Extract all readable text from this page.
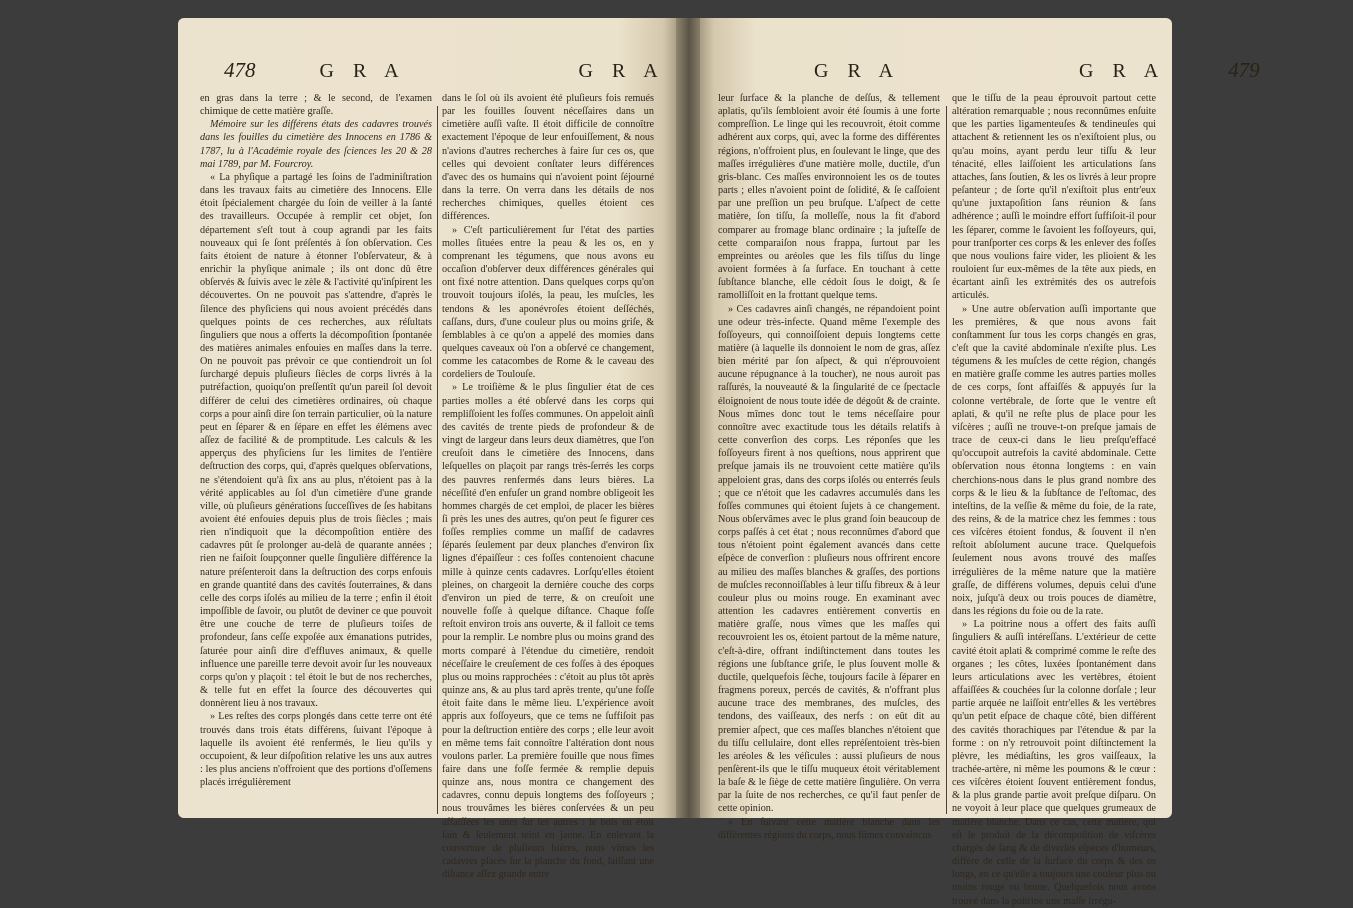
478	G R A	G R A

en gras dans la terre ; & le second, de l'examen chimique de cette matière graſſe.

Mémoire sur les différens états des cadavres trouvés dans les fouilles du cimetière des Innocens en 1786 & 1787, lu à l'Académie royale des ſciences les 20 & 28 mai 1789, par M. Fourcroy.

« La phyſique a partagé les ſoins de l'adminiſtration dans les travaux faits au cimetière des Innocens. Elle étoit ſpécialement chargée du ſoin de veiller à la ſanté des travailleurs. Occupée à remplir cet objet, ſon département s'eſt tout à coup agrandi par les faits nouveaux qui ſe ſont préſentés à ſon obſervation. Ces faits étoient de nature à étonner l'obſervateur, & à enrichir la phyſique animale ; ils ont donc dû être obſervés & ſuivis avec le zèle & l'activité qu'inſpirent les découvertes. On ne pouvoit pas s'attendre, d'après le ſilence des phyſiciens qui nous avoient précédés dans quelques points de ces recherches, aux réſultats ſinguliers que nous a offerts la décompoſition ſpontanée des matières animales enfouies en maſſes dans la terre. On ne pouvoit pas prévoir ce que contiendroit un ſol ſurchargé depuis pluſieurs ſiècles de corps livrés à la putréfaction, quoiqu'on preſſentît qu'un pareil ſol devoit différer de celui des cimetières ordinaires, où chaque corps a pour ainſi dire ſon terrain particulier, où la nature peut en ſéparer & en ſépare en effet les élémens avec aſſez de facilité & de promptitude. Les calculs & les apperçus des phyſiciens ſur les limites de l'entière deſtruction des corps, qui, d'après quelques obſervations, ne s'étendoient qu'à ſix ans au plus, n'étoient pas à la vérité applicables au ſol d'un cimetière d'une grande ville, où pluſieurs générations ſucceſſives de ſes habitans avoient été enfouies depuis plus de trois ſiècles ; mais rien n'indiquoit que la décompoſition entière des cadavres pût ſe prolonger au-delà de quarante années ; rien ne faiſoit ſoupçonner quelle ſingulière différence la nature préſenteroit dans la deſtruction des corps enfouis en grande quantité dans des cavités ſouterraines, & dans celle des corps iſolés au milieu de la terre ; enfin il étoit impoſſible de ſavoir, ou plutôt de deviner ce que pouvoit être une couche de terre de pluſieurs toiſes de profondeur, ſans ceſſe expoſée aux émanations putrides, ſaturée pour ainſi dire d'effluves animaux, & quelle influence une pareille terre devoit avoir ſur les nouveaux corps qu'on y plaçoit : tel étoit le but de nos recherches, & telle fut en effet la ſource des découvertes qui donnèrent lieu à nos travaux.

» Les reſtes des corps plongés dans cette terre ont été trouvés dans trois états différens, ſuivant l'époque à laquelle ils avoient été renfermés, le lieu qu'ils y occupoient, & leur diſpoſition relative les uns aux autres : les plus anciens n'offroient que des portions d'oſſemens placés irrégulièrement

dans le ſol où ils avoient été pluſieurs fois remués par les fouilles ſouvent néceſſaires dans un cimetière auſſi vaſte. Il étoit difficile de connoître exactement l'époque de leur enfouiſſement, & nous n'avions d'autres recherches à faire ſur ces os, que celles qui devoient conſtater leurs différences d'avec des os humains qui n'avoient point ſéjourné dans la terre. On verra dans les détails de nos recherches chimiques, quelles étoient ces différences.

» C'eſt particulièrement ſur l'état des parties molles ſituées entre la peau & les os, en y comprenant les tégumens, que nous avons eu occaſion d'obſerver deux différences générales qui ont fixé notre attention. Dans quelques corps qu'on trouvoit toujours iſolés, la peau, les muſcles, les tendons & les aponévroſes étoient deſſéchés, caſſans, durs, d'une couleur plus ou moins griſe, & ſemblables à ce qu'on a appelé des momies dans quelques caveaux où l'on a obſervé ce changement, comme les catacombes de Rome & le caveau des cordeliers de Toulouſe.

» Le troiſième & le plus ſingulier état de ces parties molles a été obſervé dans les corps qui rempliſſoient les foſſes communes. On appeloit ainſi des cavités de trente pieds de profondeur & de vingt de largeur dans leurs deux diamètres, que l'on creuſoit dans le cimetière des Innocens, dans leſquelles on plaçoit par rangs très-ſerrés les corps des pauvres renfermés dans leurs bières. La néceſſité d'en enfuſer un grand nombre obligeoit les hommes chargés de cet emploi, de placer les bières ſi près les unes des autres, qu'on peut ſe figurer ces foſſes remplies comme un maſſif de cadavres ſéparés ſeulement par deux planches d'environ ſix lignes d'épaiſſeur : ces foſſes contenoient chacune mille à quinze cents cadavres. Lorſqu'elles étoient pleines, on chargeoit la dernière couche des corps d'environ un pied de terre, & on creuſoit une nouvelle foſſe à quelque diſtance. Chaque foſſe reſtoit environ trois ans ouverte, & il falloit ce tems pour la remplir. Le nombre plus ou moins grand des morts comparé à l'étendue du cimetière, rendoit néceſſaire le creuſement de ces foſſes à des époques plus ou moins rapprochées : c'étoit au plus tôt après quinze ans, & au plus tard après trente, qu'une foſſe étoit faite dans le même lieu. L'expérience avoit appris aux foſſoyeurs, que ce tems ne ſuffiſoit pas pour la deſtruction entière des corps ; elle leur avoit en même tems fait connoître l'altération dont nous voulons parler. La première fouille que nous fîmes faire dans une foſſe fermée & remplie depuis quinze ans, nous montra ce changement des cadavres, connu depuis longtems des foſſoyeurs ; nous trouvâmes les bières conſervées & un peu affaiſſées les unes ſur les autres : le bois en étoit ſain & ſeulement teint en jaune. En enlevant la couverture de pluſieurs bières, nous vîmes les cadavres placés ſur la planche du fond, laiſſant une diſtance aſſez grande entre

G R A	G R A	479

leur ſurface & la planche de deſſus, & tellement aplatis, qu'ils ſembloient avoir été ſoumis à une forte compreſſion. Le linge qui les recouvroit, étoit comme adhérent aux corps, qui, avec la forme des différentes régions, n'offroient plus, en ſoulevant le linge, que des maſſes irrégulières d'une matière molle, ductile, d'un gris-blanc. Ces maſſes environnoient les os de toutes parts ; elles n'avoient point de ſolidité, & ſe caſſoient par une preſſion un peu bruſque. L'aſpect de cette matière, ſon tiſſu, ſa molleſſe, nous la fit d'abord comparer au fromage blanc ordinaire ; la juſteſſe de cette comparaiſon nous frappa, ſurtout par les empreintes ou aréoles que les fils tiſſus du linge avoient formées à ſa ſurface. En touchant à cette ſubſtance blanche, elle cédoit ſous le doigt, & ſe ramolliſſoit en la frottant quelque tems.

» Ces cadavres ainſi changés, ne répandoient point une odeur très-infecte. Quand même l'exemple des foſſoyeurs, qui connoiſſoient depuis longtems cette matière (à laquelle ils donnoient le nom de gras, aſſez bien mérité par ſon aſpect, & qui n'éprouvoient aucune répugnance à la toucher), ne nous auroit pas raſſurés, la nouveauté & la ſingularité de ce ſpectacle éloignoient de nous toute idée de dégoût & de crainte. Nous mîmes donc tout le tems néceſſaire pour connoître avec exactitude tous les détails relatifs à cette converſion des corps. Les réponſes que les foſſoyeurs firent à nos queſtions, nous apprirent que preſque jamais ils ne trouvoient cette matière qu'ils appeloient gras, dans des corps iſolés ou enterrés ſeuls ; que ce n'étoit que les cadavres accumulés dans les foſſes communes qui étoient ſujets à ce changement. Nous obſervâmes avec le plus grand ſoin beaucoup de corps paſſés à cet état ; nous reconnûmes d'abord que tous n'étoient point également avancés dans cette eſpèce de converſion : pluſieurs nous offrirent encore au milieu des maſſes blanches & graſſes, des portions de muſcles reconnoiſſables à leur tiſſu fibreux & à leur couleur plus ou moins rouge. En examinant avec attention les cadavres entièrement convertis en matière graſſe, nous vîmes que les maſſes qui recouvroient les os, étoient partout de la même nature, c'eſt-à-dire, offrant indiſtinctement dans toutes les régions une ſubſtance griſe, le plus ſouvent molle & ductile, quelquefois ſèche, toujours facile à ſéparer en fragmens poreux, percés de cavités, & n'offrant plus aucune trace des membranes, des muſcles, des tendons, des vaiſſeaux, des nerfs : on eût dit au premier aſpect, que ces maſſes blanches n'étoient que du tiſſu cellulaire, dont elles repréſentoient très-bien les aréoles & les véſicules : aussi pluſieurs de nous penſèrent-ils que le tiſſu muqueux étoit véritablement la baſe & le ſiège de cette matière ſingulière. On verra par la ſuite de nos recherches, ce qu'il faut penſer de cette opinion.

» En ſuivant cette matière blanche dans les différentes régions du corps, nous fûmes convaincus

que le tiſſu de la peau éprouvoit partout cette altération remarquable ; nous reconnûmes enſuite que les parties ligamenteuſes & tendineuſes qui attachent & retiennent les os n'exiſtoient plus, ou qu'au moins, ayant perdu leur tiſſu & leur ténacité, elles laiſſoient les articulations ſans attaches, ſans ſoutien, & les os livrés à leur propre peſanteur ; de ſorte qu'il n'exiſtoit plus entr'eux qu'une juxtapoſition ſans réunion & ſans adhérence ; auſſi le moindre effort ſuffiſoit-il pour les ſéparer, comme le ſavoient les foſſoyeurs, qui, pour tranſporter ces corps & les enlever des foſſes que nous voulions faire vider, les plioient & les rouloient ſur eux-mêmes de la tête aux pieds, en écartant ainſi les extrémités des os autrefois articulés.

» Une autre obſervation auſſi importante que les premières, & que nous avons fait conſtamment ſur tous les corps changés en gras, c'eſt que la cavité abdominale n'exiſte plus. Les tégumens & les muſcles de cette région, changés en matière graſſe comme les autres parties molles de ces corps, ſont affaiſſés & appuyés ſur la colonne vertébrale, de ſorte que le ventre eſt aplati, & qu'il ne reſte plus de place pour les viſcères ; auſſi ne trouve-t-on preſque jamais de trace de ceux-ci dans le lieu preſqu'effacé qu'occupoit autrefois la cavité abdominale. Cette obſervation nous étonna longtems : en vain cherchions-nous dans le plus grand nombre des corps & le lieu & la ſubſtance de l'eſtomac, des inteſtins, de la veſſie & même du foie, de la rate, des reins, & de la matrice chez les femmes : tous ces viſcères étoient fondus, & ſouvent il n'en reſtoit abſolument aucune trace. Quelquefois ſeulement nous avons trouvé des maſſes irrégulières de la même nature que la matière graſſe, de différens volumes, depuis celui d'une noix, juſqu'à deux ou trois pouces de diamètre, dans les régions du foie ou de la rate.

» La poitrine nous a offert des faits auſſi ſinguliers & auſſi intéreſſans. L'extérieur de cette cavité étoit aplati & comprimé comme le reſte des organes ; les côtes, luxées ſpontanément dans leurs articulations avec les vertèbres, étoient affaiſſées & couchées ſur la colonne dorſale ; leur partie arquée ne laiſſoit entr'elles & les vertèbres qu'un petit eſpace de chaque côté, bien différent des cavités thorachiques par l'étendue & par la forme : on n'y retrouvoit point diſtinctement la plèvre, les médiaſtins, les gros vaiſſeaux, la trachée-artère, ni même les poumons & le cœur : ces viſcères étoient ſouvent entièrement fondus, & la plus grande partie avoit preſque diſparu. On ne voyoit à leur place que quelques grumeaux de matière blanche. Dans ce cas, cette matière, qui eſt le produit de la décompoſition de viſcères chargés de ſang & de diverſes eſpèces d'humeurs, diffère de celle de la ſurface du corps & des os longs, en ce qu'elle a toujours une couleur plus ou moins rouge ou brune. Quelquefois nous avons trouvé dans la poitrine une maſſe irrégu-
